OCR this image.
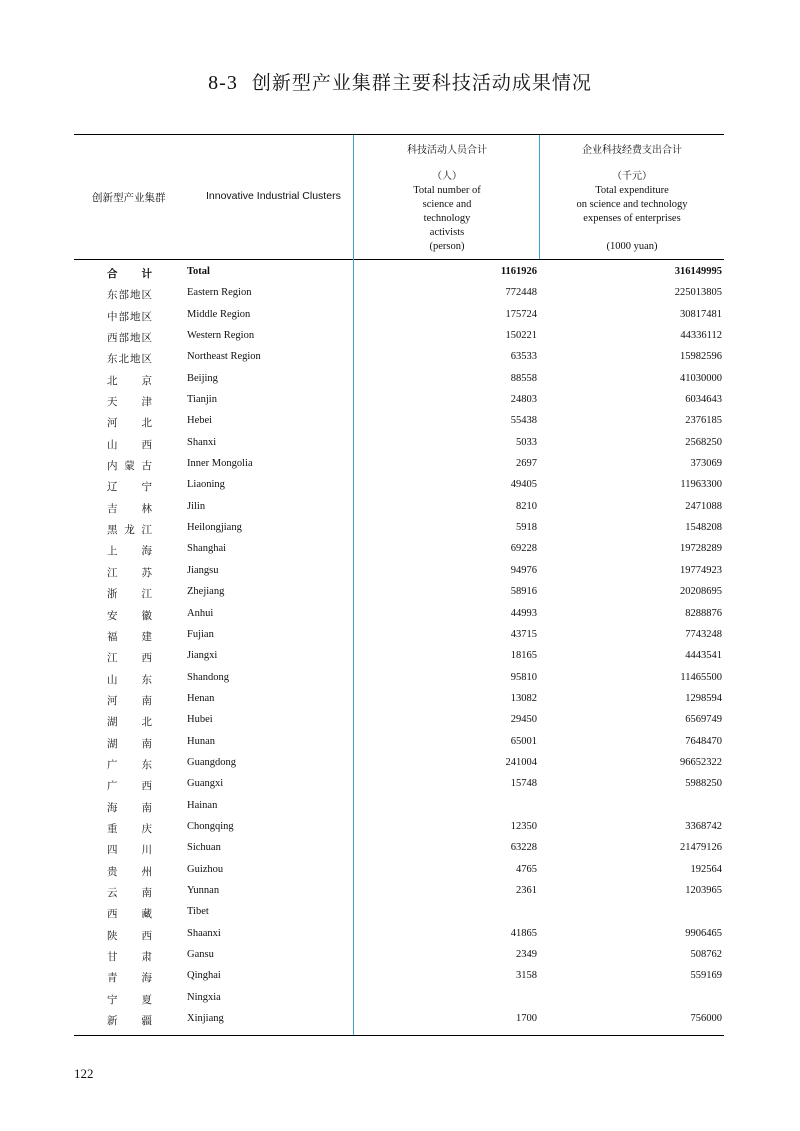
8-3 创新型产业集群主要科技活动成果情况
创新型产业集群	Innovative Industrial Clusters
科技活动人员合计
（人）
Total number of
science and
technology
activists
(person)
企业科技经费支出合计
（千元）
Total expenditure
on science and technology
expenses of enterprises
(1000 yuan)
合计	Total	1161926	316149995
东部地区	Eastern Region	772448	225013805
中部地区	Middle Region	175724	30817481
西部地区	Western Region	150221	44336112
东北地区	Northeast Region	63533	15982596
北京	Beijing	88558	41030000
天津	Tianjin	24803	6034643
河北	Hebei	55438	2376185
山西	Shanxi	5033	2568250
内蒙古	Inner Mongolia	2697	373069
辽宁	Liaoning	49405	11963300
吉林	Jilin	8210	2471088
黑龙江	Heilongjiang	5918	1548208
上海	Shanghai	69228	19728289
江苏	Jiangsu	94976	19774923
浙江	Zhejiang	58916	20208695
安徽	Anhui	44993	8288876
福建	Fujian	43715	7743248
江西	Jiangxi	18165	4443541
山东	Shandong	95810	11465500
河南	Henan	13082	1298594
湖北	Hubei	29450	6569749
湖南	Hunan	65001	7648470
广东	Guangdong	241004	96652322
广西	Guangxi	15748	5988250
海南	Hainan
重庆	Chongqing	12350	3368742
四川	Sichuan	63228	21479126
贵州	Guizhou	4765	192564
云南	Yunnan	2361	1203965
西藏	Tibet
陕西	Shaanxi	41865	9906465
甘肃	Gansu	2349	508762
青海	Qinghai	3158	559169
宁夏	Ningxia
新疆	Xinjiang	1700	756000
122
